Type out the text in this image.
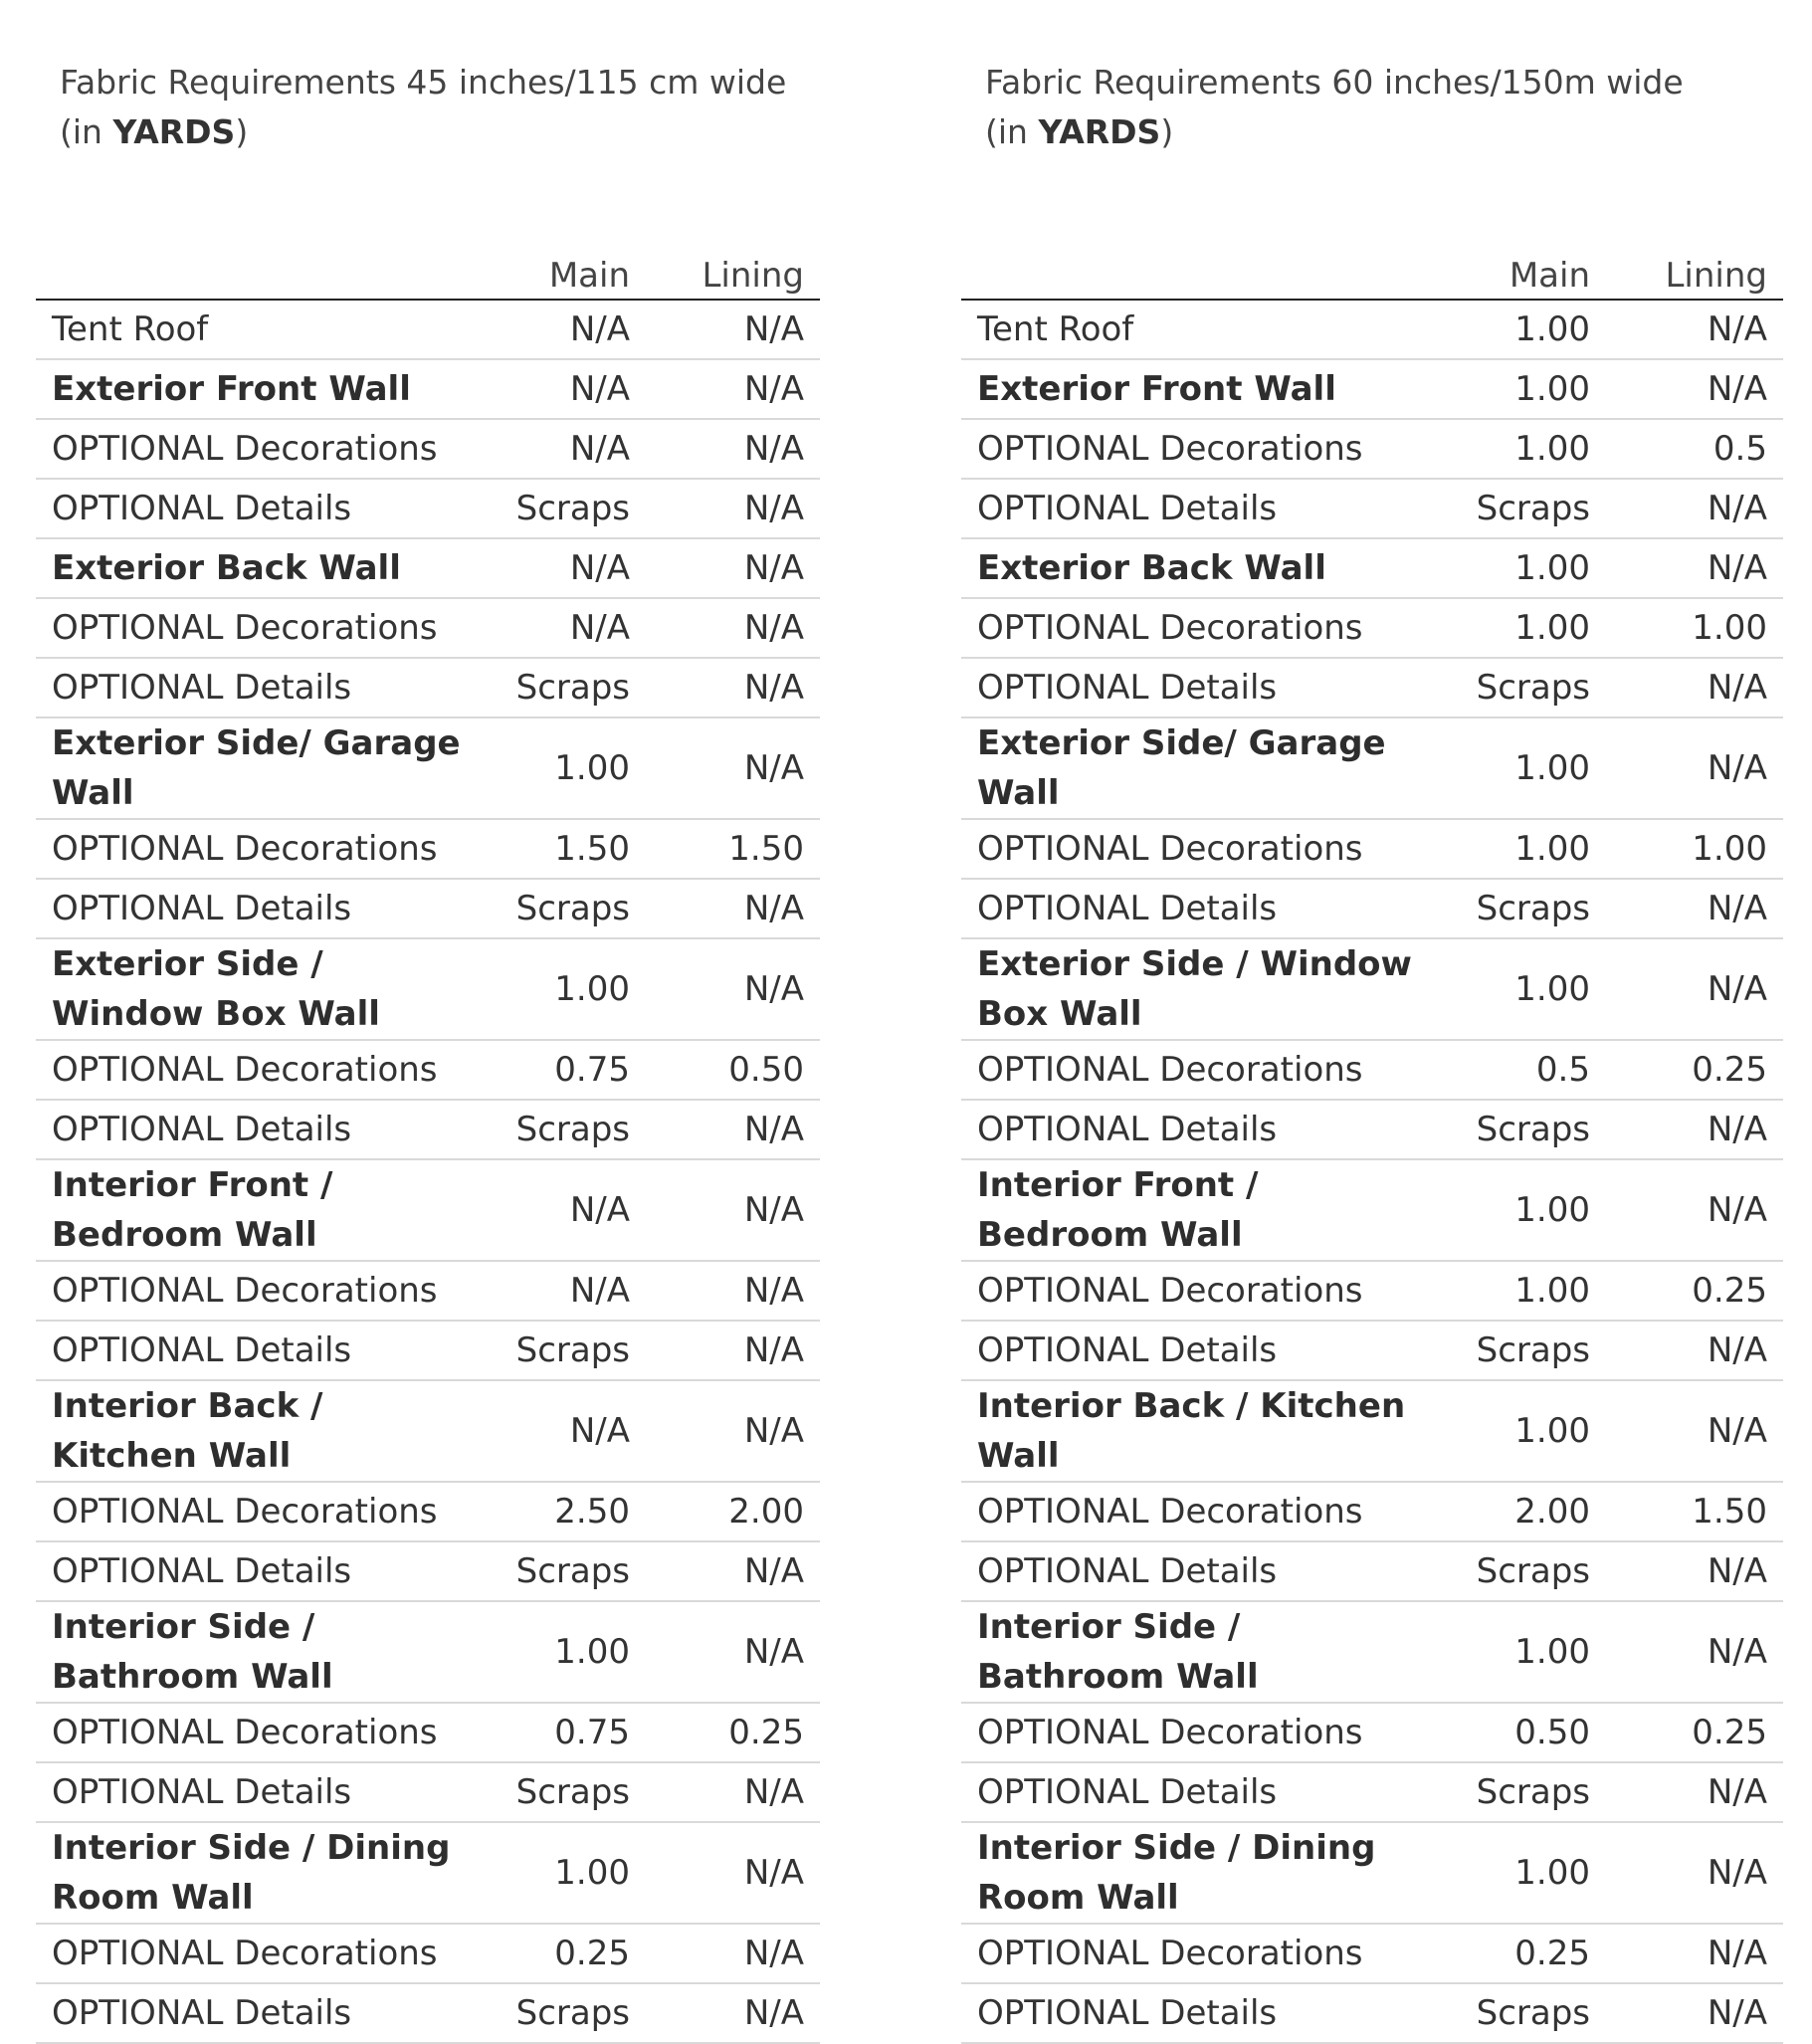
Fabric Requirements 45 inches/115 cm wide
(in YARDS)
	Main	Lining
Tent Roof	N/A	N/A
Exterior Front Wall	N/A	N/A
OPTIONAL Decorations	N/A	N/A
OPTIONAL Details	Scraps	N/A
Exterior Back Wall	N/A	N/A
OPTIONAL Decorations	N/A	N/A
OPTIONAL Details	Scraps	N/A
Exterior Side/ Garage Wall	1.00	N/A
OPTIONAL Decorations	1.50	1.50
OPTIONAL Details	Scraps	N/A
Exterior Side / Window Box Wall	1.00	N/A
OPTIONAL Decorations	0.75	0.50
OPTIONAL Details	Scraps	N/A
Interior Front / Bedroom Wall	N/A	N/A
OPTIONAL Decorations	N/A	N/A
OPTIONAL Details	Scraps	N/A
Interior Back / Kitchen Wall	N/A	N/A
OPTIONAL Decorations	2.50	2.00
OPTIONAL Details	Scraps	N/A
Interior Side / Bathroom Wall	1.00	N/A
OPTIONAL Decorations	0.75	0.25
OPTIONAL Details	Scraps	N/A
Interior Side / Dining Room Wall	1.00	N/A
OPTIONAL Decorations	0.25	N/A
OPTIONAL Details	Scraps	N/A
Fabric Requirements 60 inches/150m wide
(in YARDS)
	Main	Lining
Tent Roof	1.00	N/A
Exterior Front Wall	1.00	N/A
OPTIONAL Decorations	1.00	0.5
OPTIONAL Details	Scraps	N/A
Exterior Back Wall	1.00	N/A
OPTIONAL Decorations	1.00	1.00
OPTIONAL Details	Scraps	N/A
Exterior Side/ Garage Wall	1.00	N/A
OPTIONAL Decorations	1.00	1.00
OPTIONAL Details	Scraps	N/A
Exterior Side / Window Box Wall	1.00	N/A
OPTIONAL Decorations	0.5	0.25
OPTIONAL Details	Scraps	N/A
Interior Front / Bedroom Wall	1.00	N/A
OPTIONAL Decorations	1.00	0.25
OPTIONAL Details	Scraps	N/A
Interior Back / Kitchen Wall	1.00	N/A
OPTIONAL Decorations	2.00	1.50
OPTIONAL Details	Scraps	N/A
Interior Side / Bathroom Wall	1.00	N/A
OPTIONAL Decorations	0.50	0.25
OPTIONAL Details	Scraps	N/A
Interior Side / Dining Room Wall	1.00	N/A
OPTIONAL Decorations	0.25	N/A
OPTIONAL Details	Scraps	N/A
